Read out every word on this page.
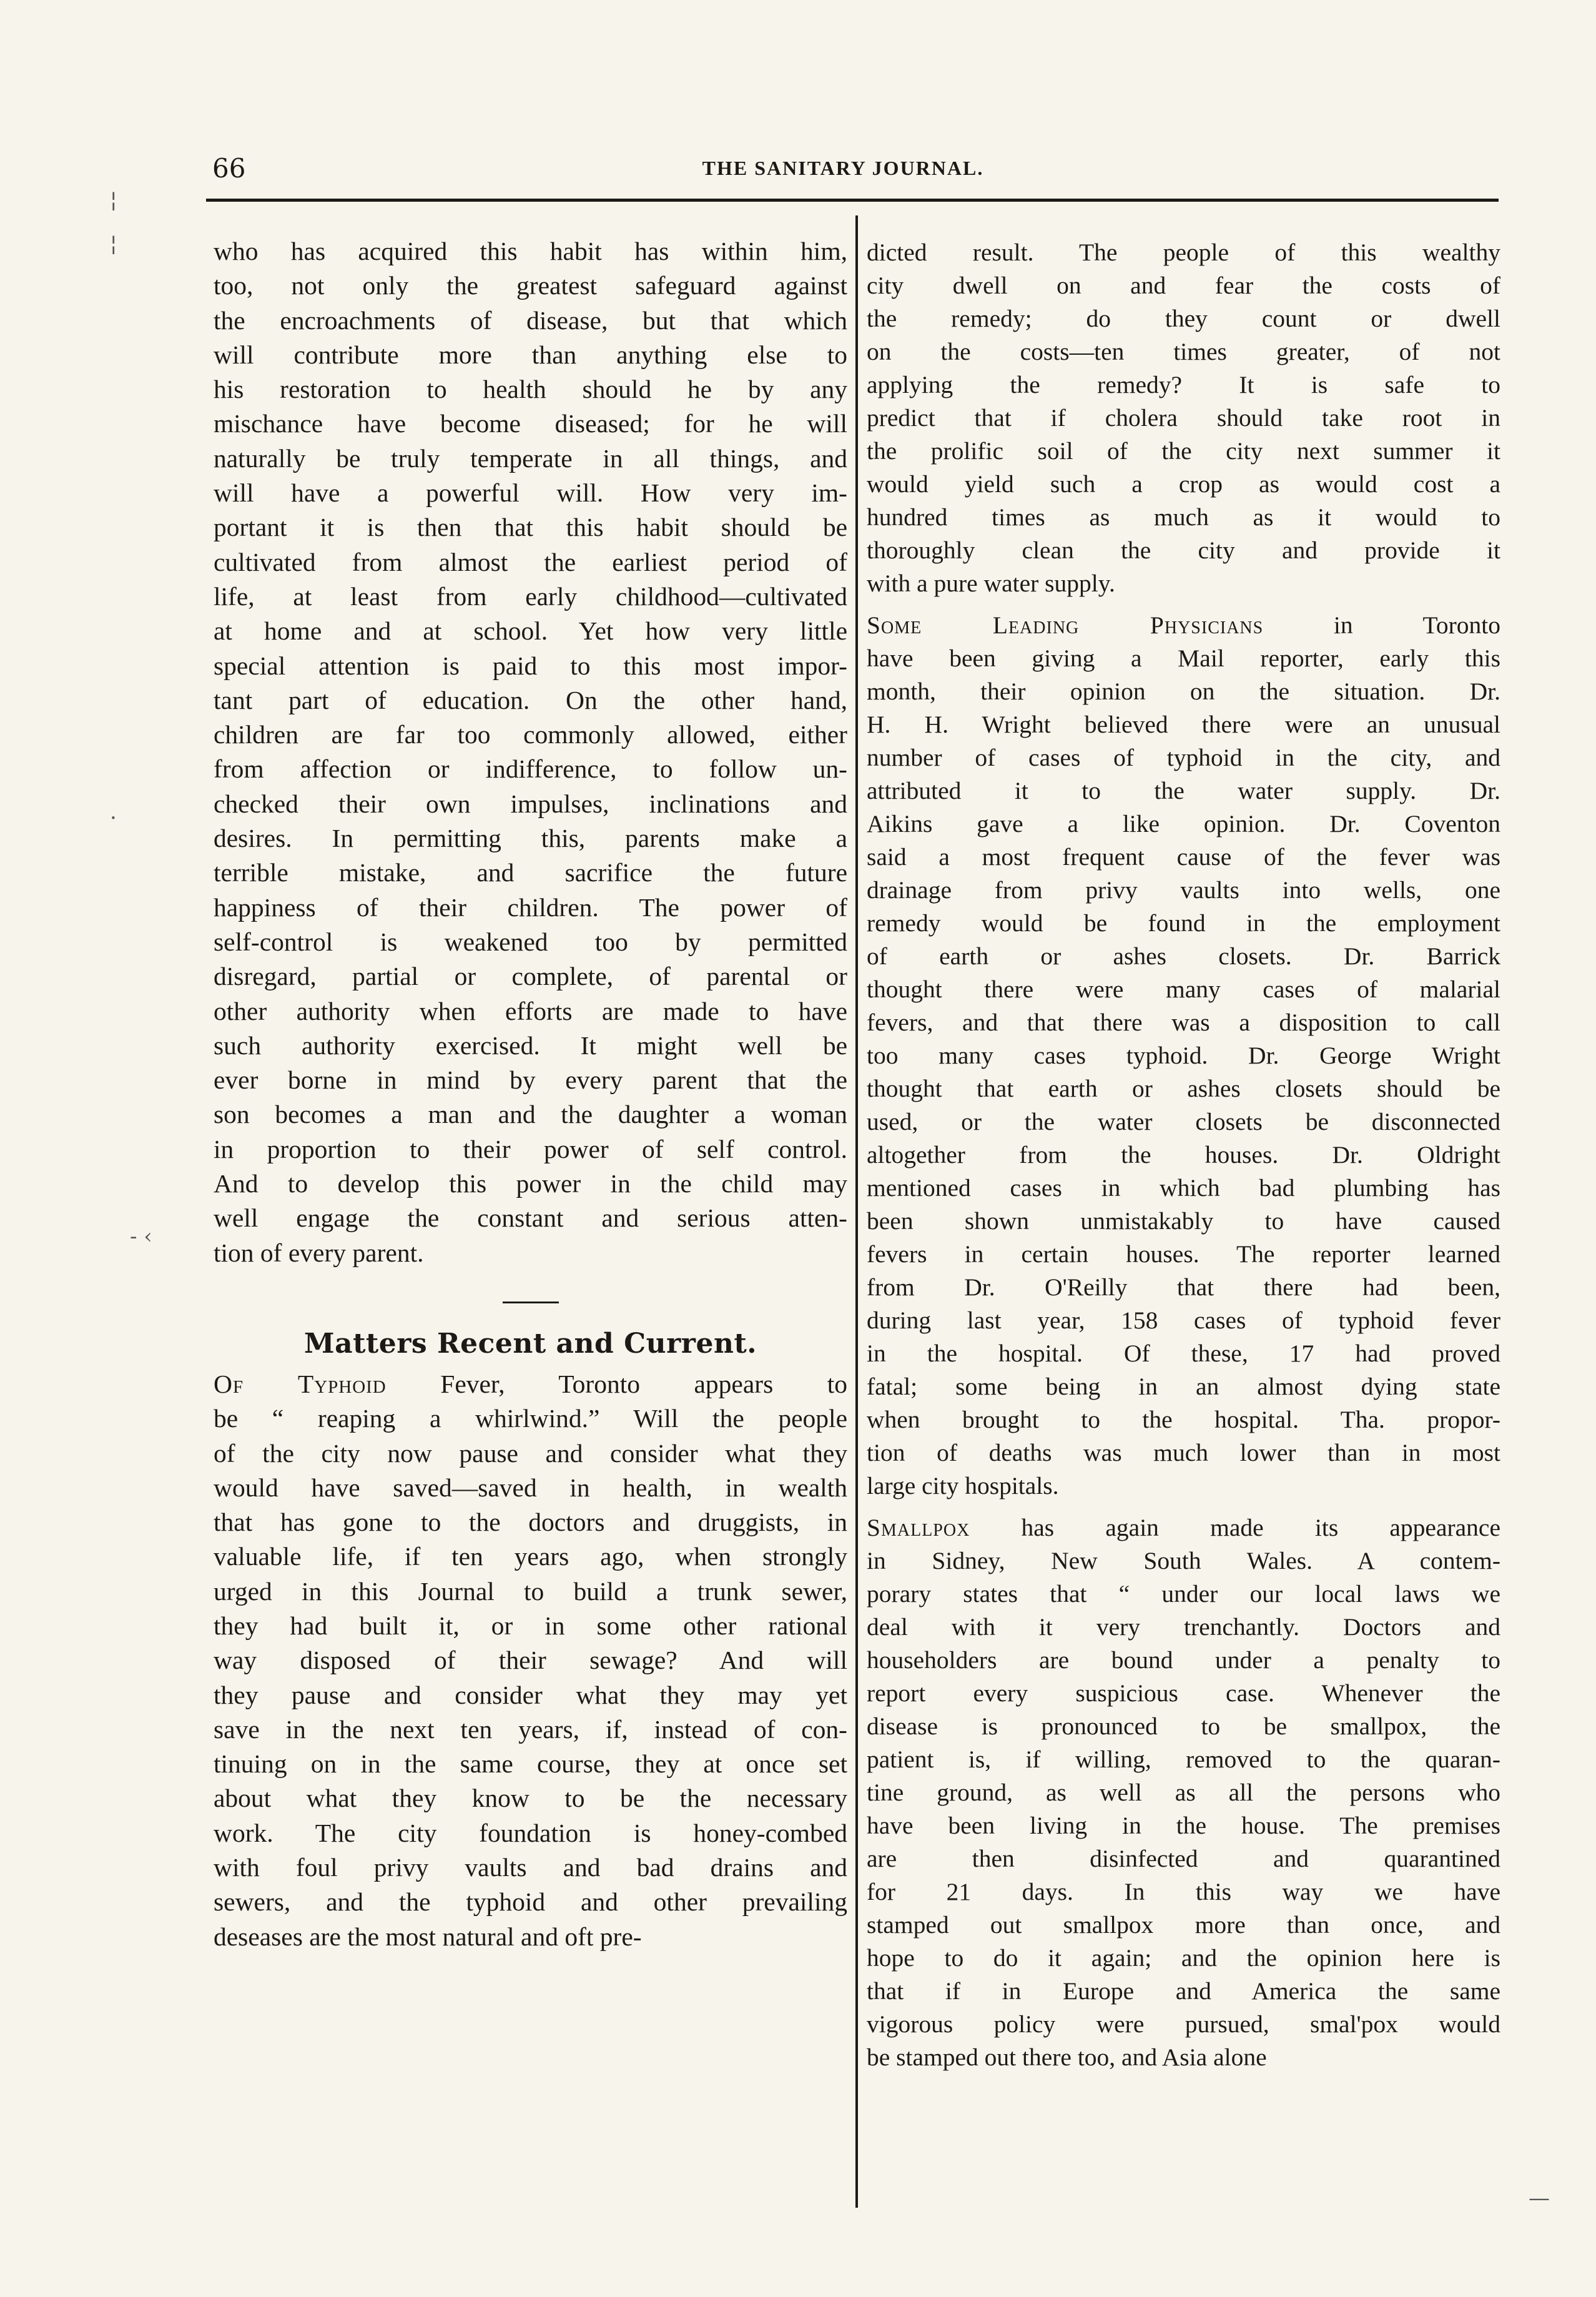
66	THE SANITARY JOURNAL.
¦
¦
·
‐ ‹
—
who has acquired this habit has within him,
too, not only the greatest safeguard against
the encroachments of disease, but that which
will contribute more than anything else to
his restoration to health should he by any
mischance have become diseased; for he will
naturally be truly temperate in all things, and
will have a powerful will. How very im-
portant it is then that this habit should be
cultivated from almost the earliest period of
life, at least from early childhood—cultivated
at home and at school. Yet how very little
special attention is paid to this most impor-
tant part of education. On the other hand,
children are far too commonly allowed, either
from affection or indifference, to follow un-
checked their own impulses, inclinations and
desires. In permitting this, parents make a
terrible mistake, and sacrifice the future
happiness of their children. The power of
self-control is weakened too by permitted
disregard, partial or complete, of parental or
other authority when efforts are made to have
such authority exercised. It might well be
ever borne in mind by every parent that the
son becomes a man and the daughter a woman
in proportion to their power of self control.
And to develop this power in the child may
well engage the constant and serious atten-
tion of every parent.
Matters Recent and Current.
Of Typhoid Fever, Toronto appears to
be “ reaping a whirlwind.” Will the people
of the city now pause and consider what they
would have saved—saved in health, in wealth
that has gone to the doctors and druggists, in
valuable life, if ten years ago, when strongly
urged in this Journal to build a trunk sewer,
they had built it, or in some other rational
way disposed of their sewage? And will
they pause and consider what they may yet
save in the next ten years, if, instead of con-
tinuing on in the same course, they at once set
about what they know to be the necessary
work. The city foundation is honey-combed
with foul privy vaults and bad drains and
sewers, and the typhoid and other prevailing
deseases are the most natural and oft pre-
dicted result. The people of this wealthy
city dwell on and fear the costs of
the remedy; do they count or dwell
on the costs—ten times greater, of not
applying the remedy? It is safe to
predict that if cholera should take root in
the prolific soil of the city next summer it
would yield such a crop as would cost a
hundred times as much as it would to
thoroughly clean the city and provide it
with a pure water supply.
Some Leading Physicians in Toronto
have been giving a Mail reporter, early this
month, their opinion on the situation. Dr.
H. H. Wright believed there were an unusual
number of cases of typhoid in the city, and
attributed it to the water supply. Dr.
Aikins gave a like opinion. Dr. Coventon
said a most frequent cause of the fever was
drainage from privy vaults into wells, one
remedy would be found in the employment
of earth or ashes closets. Dr. Barrick
thought there were many cases of malarial
fevers, and that there was a disposition to call
too many cases typhoid. Dr. George Wright
thought that earth or ashes closets should be
used, or the water closets be disconnected
altogether from the houses. Dr. Oldright
mentioned cases in which bad plumbing has
been shown unmistakably to have caused
fevers in certain houses. The reporter learned
from Dr. O'Reilly that there had been,
during last year, 158 cases of typhoid fever
in the hospital. Of these, 17 had proved
fatal; some being in an almost dying state
when brought to the hospital. Tha. propor-
tion of deaths was much lower than in most
large city hospitals.
Smallpox has again made its appearance
in Sidney, New South Wales. A contem-
porary states that “ under our local laws we
deal with it very trenchantly. Doctors and
householders are bound under a penalty to
report every suspicious case. Whenever the
disease is pronounced to be smallpox, the
patient is, if willing, removed to the quaran-
tine ground, as well as all the persons who
have been living in the house. The premises
are then disinfected and quarantined
for 21 days. In this way we have
stamped out smallpox more than once, and
hope to do it again; and the opinion here is
that if in Europe and America the same
vigorous policy were pursued, smal'pox would
be stamped out there too, and Asia alone
